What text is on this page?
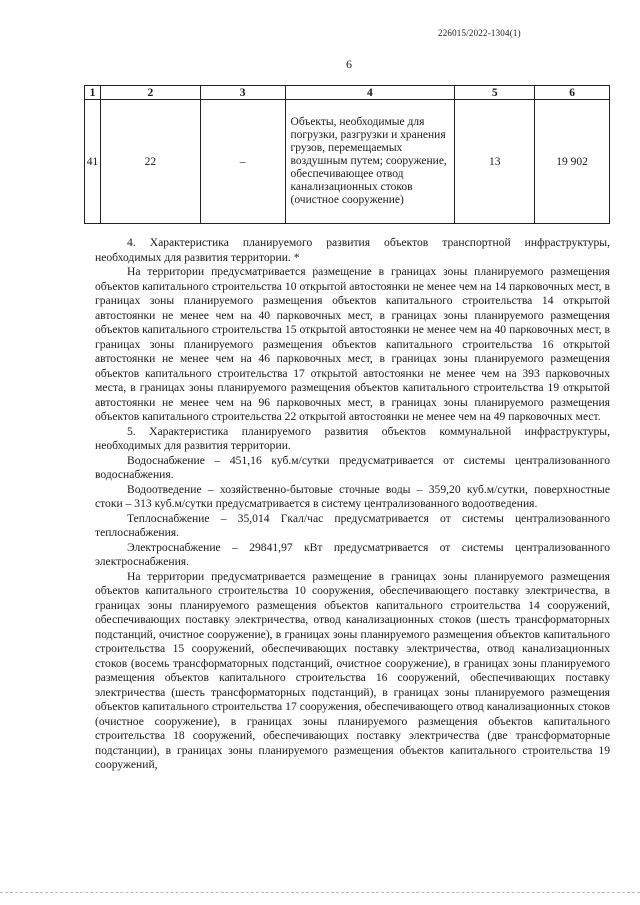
226015/2022-1304(1)
6
1	2	3	4	5	6
41	22	–	Объекты, необходимые для погрузки, разгрузки и хранения грузов, перемещаемых воздушным путем; сооружение, обеспечивающее отвод канализационных стоков (очистное сооружение)	13	19 902

4. Характеристика планируемого развития объектов транспортной инфраструктуры, необходимых для развития территории. *

На территории предусматривается размещение в границах зоны планируемого размещения объектов капитального строительства 10 открытой автостоянки не менее чем на 14 парковочных мест, в границах зоны планируемого размещения объектов капитального строительства 14 открытой автостоянки не менее чем на 40 парковочных мест, в границах зоны планируемого размещения объектов капитального строительства 15 открытой автостоянки не менее чем на 40 парковочных мест, в границах зоны планируемого размещения объектов капитального строительства 16 открытой автостоянки не менее чем на 46 парковочных мест, в границах зоны планируемого размещения объектов капитального строительства 17 открытой автостоянки не менее чем на 393 парковочных места, в границах зоны планируемого размещения объектов капитального строительства 19 открытой автостоянки не менее чем на 96 парковочных мест, в границах зоны планируемого размещения объектов капитального строительства 22 открытой автостоянки не менее чем на 49 парковочных мест.

5. Характеристика планируемого развития объектов коммунальной инфраструктуры, необходимых для развития территории.

Водоснабжение – 451,16 куб.м/сутки предусматривается от системы централизованного водоснабжения.

Водоотведение – хозяйственно-бытовые сточные воды – 359,20 куб.м/сутки, поверхностные стоки – 313 куб.м/сутки предусматривается в систему централизованного водоотведения.

Теплоснабжение – 35,014 Гкал/час предусматривается от системы централизованного теплоснабжения.

Электроснабжение – 29841,97 кВт предусматривается от системы централизованного электроснабжения.

На территории предусматривается размещение в границах зоны планируемого размещения объектов капитального строительства 10 сооружения, обеспечивающего поставку электричества, в границах зоны планируемого размещения объектов капитального строительства 14 сооружений, обеспечивающих поставку электричества, отвод канализационных стоков (шесть трансформаторных подстанций, очистное сооружение), в границах зоны планируемого размещения объектов капитального строительства 15 сооружений, обеспечивающих поставку электричества, отвод канализационных стоков (восемь трансформаторных подстанций, очистное сооружение), в границах зоны планируемого размещения объектов капитального строительства 16 сооружений, обеспечивающих поставку электричества (шесть трансформаторных подстанций), в границах зоны планируемого размещения объектов капитального строительства 17 сооружения, обеспечивающего отвод канализационных стоков (очистное сооружение), в границах зоны планируемого размещения объектов капитального строительства 18 сооружений, обеспечивающих поставку электричества (две трансформаторные подстанции), в границах зоны планируемого размещения объектов капитального строительства 19 сооружений,
